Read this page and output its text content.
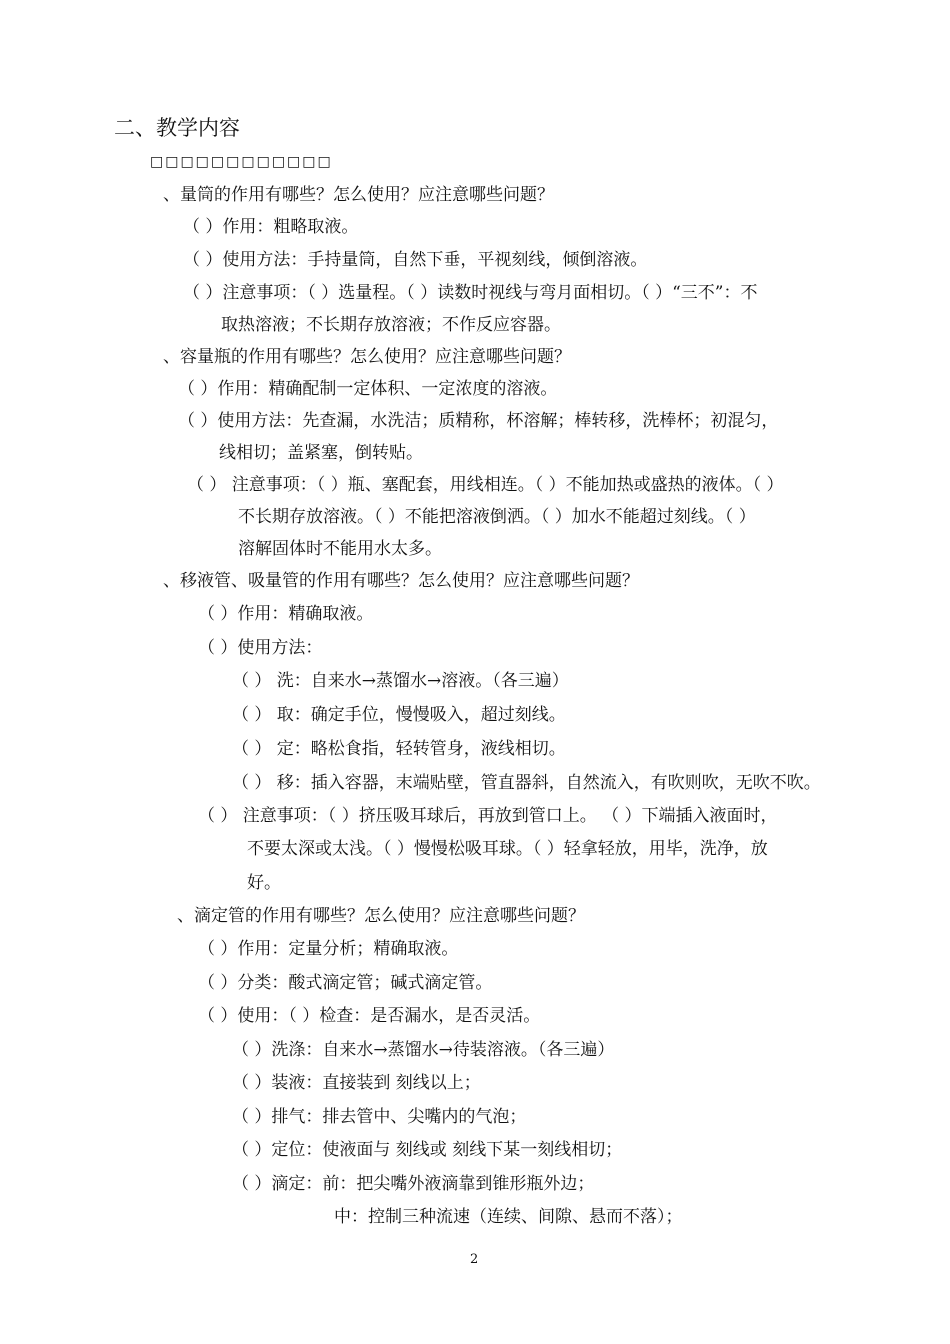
二、教学内容
□□□□□□□□□□□□
、量筒的作用有哪些？怎么使用？应注意哪些问题？
（ ）作用：粗略取液。
（ ）使用方法：手持量筒，自然下垂，平视刻线，倾倒溶液。
（ ）注意事项：（ ）选量程。（ ）读数时视线与弯月面相切。（ ）“三不”：不
取热溶液；不长期存放溶液；不作反应容器。
、容量瓶的作用有哪些？怎么使用？应注意哪些问题？
（ ）作用：精确配制一定体积、一定浓度的溶液。
（ ）使用方法：先查漏，水洗洁；质精称，杯溶解；棒转移，洗棒杯；初混匀，
线相切；盖紧塞，倒转贴。
（ ） 注意事项：（ ）瓶、塞配套，用线相连。（ ）不能加热或盛热的液体。（ ）
不长期存放溶液。（ ）不能把溶液倒洒。（ ）加水不能超过刻线。（ ）
溶解固体时不能用水太多。
、移液管、吸量管的作用有哪些？怎么使用？应注意哪些问题？
（ ）作用：精确取液。
（ ）使用方法：
（ ） 洗：自来水→蒸馏水→溶液。（各三遍）
（ ） 取：确定手位，慢慢吸入，超过刻线。
（ ） 定：略松食指，轻转管身，液线相切。
（ ） 移：插入容器，末端贴壁，管直器斜，自然流入，有吹则吹，无吹不吹。
（ ） 注意事项：（ ）挤压吸耳球后，再放到管口上。 （ ）下端插入液面时，
不要太深或太浅。（ ）慢慢松吸耳球。（ ）轻拿轻放，用毕，洗净，放
好。
、滴定管的作用有哪些？怎么使用？应注意哪些问题？
（ ）作用：定量分析；精确取液。
（ ）分类：酸式滴定管；碱式滴定管。
（ ）使用：（ ）检查：是否漏水，是否灵活。
（ ）洗涤：自来水→蒸馏水→待装溶液。（各三遍）
（ ）装液：直接装到 刻线以上；
（ ）排气：排去管中、尖嘴内的气泡；
（ ）定位：使液面与 刻线或 刻线下某一刻线相切；
（ ）滴定：前：把尖嘴外液滴靠到锥形瓶外边；
中：控制三种流速（连续、间隙、悬而不落）；
2
